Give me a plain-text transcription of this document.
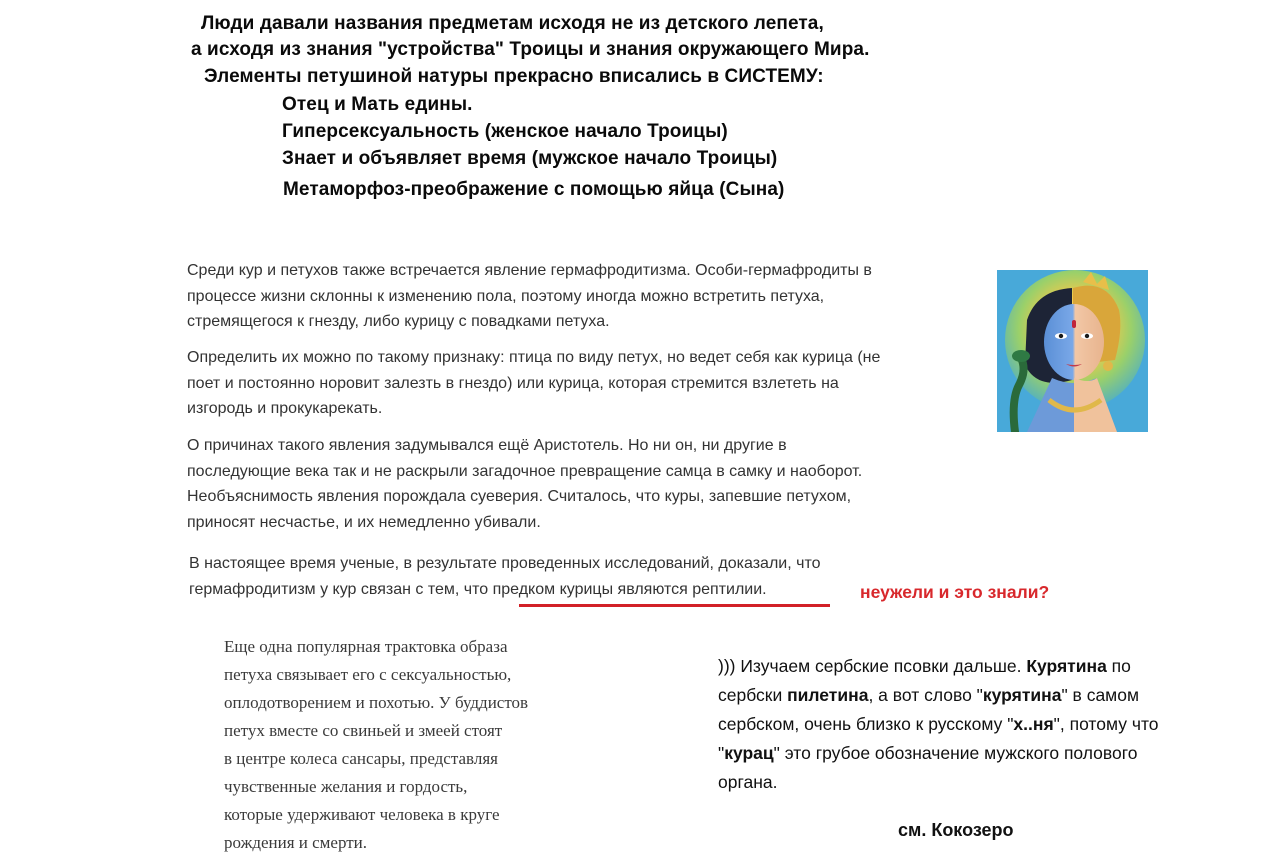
Люди давали названия предметам исходя не из детского лепета,
а исходя из знания "устройства" Троицы и знания окружающего Мира.
Элементы петушиной натуры прекрасно вписались в СИСТЕМУ:
Отец и Мать едины.
Гиперсексуальность (женское начало Троицы)
Знает и объявляет время (мужское начало Троицы)
Метаморфоз-преображение с помощью яйца (Сына)
Среди кур и петухов также встречается явление гермафродитизма. Особи-гермафродиты в
процессе жизни склонны к изменению пола, поэтому иногда можно встретить петуха,
стремящегося к гнезду, либо курицу с повадками петуха.
Определить их можно по такому признаку: птица по виду петух, но ведет себя как курица (не
поет и постоянно норовит залезть в гнездо) или курица, которая стремится взлететь на
изгородь и прокукарекать.
О причинах такого явления задумывался ещё Аристотель. Но ни он, ни другие в
последующие века так и не раскрыли загадочное превращение самца в самку и наоборот.
Необъяснимость явления порождала суеверия. Считалось, что куры, запевшие петухом,
приносят несчастье, и их немедленно убивали.
В настоящее время ученые, в результате проведенных исследований, доказали, что
гермафродитизм у кур связан с тем, что предком курицы являются рептилии.	неужели и это знали?
Еще одна популярная трактовка образа
петуха связывает его с сексуальностью,
оплодотворением и похотью. У буддистов
петух вместе со свиньей и змеей стоят
в центре колеса сансары, представляя
чувственные желания и гордость,
которые удерживают человека в круге
рождения и смерти.
))) Изучаем сербские псовки дальше. Курятина по
сербски пилетина, а вот слово "курятина" в самом
сербском, очень близко к русскому "х..ня", потому что
"курац" это грубое обозначение мужского полового
органа.
см. Кокозеро
